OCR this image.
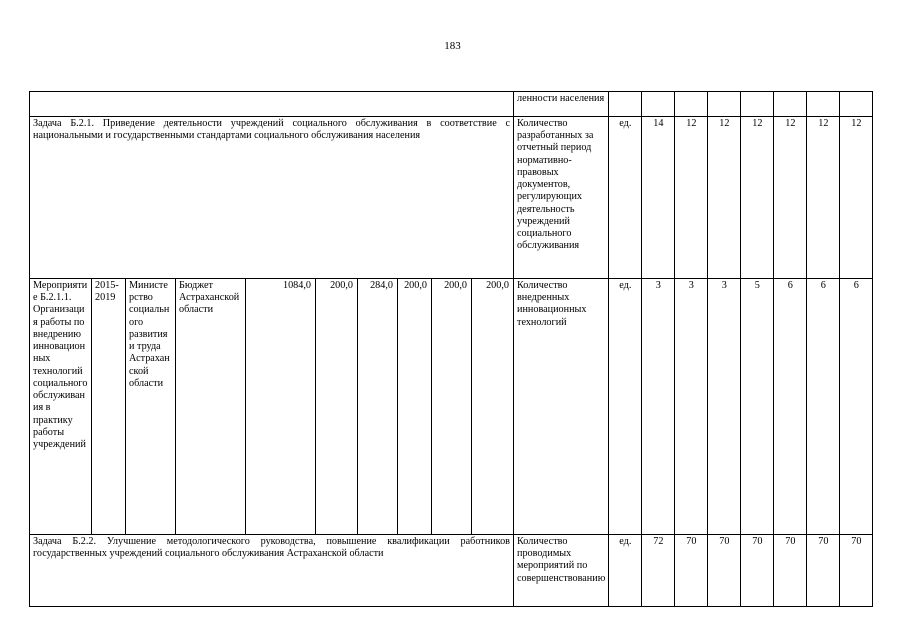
183
										ленности населения								
Задача Б.2.1. Приведение деятельности учреждений социального обслуживания в соответствие с национальными и государственными стандартами социального обслуживания населения										Количество разработанных за отчетный период нормативно-правовых документов, регулирующих деятельность учреждений социального обслуживания	ед.	14	12	12	12	12	12	12
Мероприятие Б.2.1.1. Организация работы по внедрению инновационных технологий социального обслуживания в практику работы учреждений	2015-2019	Министерство социального развития и труда Астраханской области	Бюджет Астраханской области	1084,0	200,0	284,0	200,0	200,0	200,0	Количество внедренных инновационных технологий	ед.	3	3	3	5	6	6	6
Задача Б.2.2. Улучшение методологического руководства, повышение квалификации работников государственных учреждений социального обслуживания Астраханской области										Количество проводимых мероприятий по совершенствованию	ед.	72	70	70	70	70	70	70
